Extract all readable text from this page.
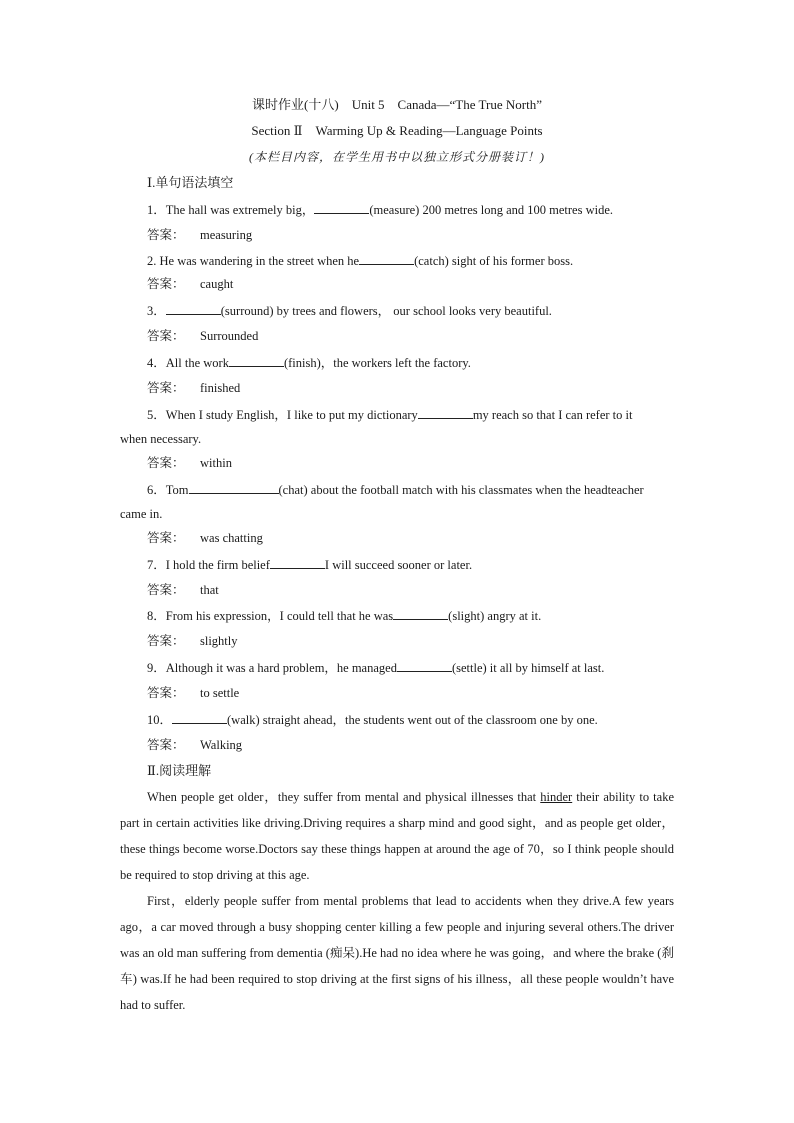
课时作业(十八)　Unit 5　Canada—“The True North”
Section Ⅱ　Warming Up & Reading—Language Points
(本栏目内容，在学生用书中以独立形式分册装订！)
Ⅰ.单句语法填空
1．The hall was extremely big，	(measure) 200 metres long and 100 metres wide.
答案： measuring
2. He was wandering in the street when he	(catch) sight of his former boss.
答案： caught
3．	(surround) by trees and flowers， our school looks very beautiful.
答案： Surrounded
4．All the work	(finish)，the workers left the factory.
答案： finished
5．When I study English，I like to put my dictionary	my reach so that I can refer to it
when necessary.
答案： within
6．Tom	(chat) about the football match with his classmates when the headteacher
came in.
答案： was chatting
7．I hold the firm belief	I will succeed sooner or later.
答案： that
8．From his expression，I could tell that he was	(slight) angry at it.
答案： slightly
9．Although it was a hard problem，he managed	(settle) it all by himself at last.
答案： to settle
10．	(walk) straight ahead，the students went out of the classroom one by one.
答案： Walking
Ⅱ.阅读理解

When people get older，they suffer from mental and physical illnesses that hinder their ability to take part in certain activities like driving.Driving requires a sharp mind and good sight，and as people get older，these things become worse.Doctors say these things happen at around the age of 70，so I think people should be required to stop driving at this age.

First，elderly people suffer from mental problems that lead to accidents when they drive.A few years ago，a car moved through a busy shopping center killing a few people and injuring several others.The driver was an old man suffering from dementia (痴呆).He had no idea where he was going，and where the brake (刹车) was.If he had been required to stop driving at the first signs of his illness，all these people wouldn’t have had to suffer.
